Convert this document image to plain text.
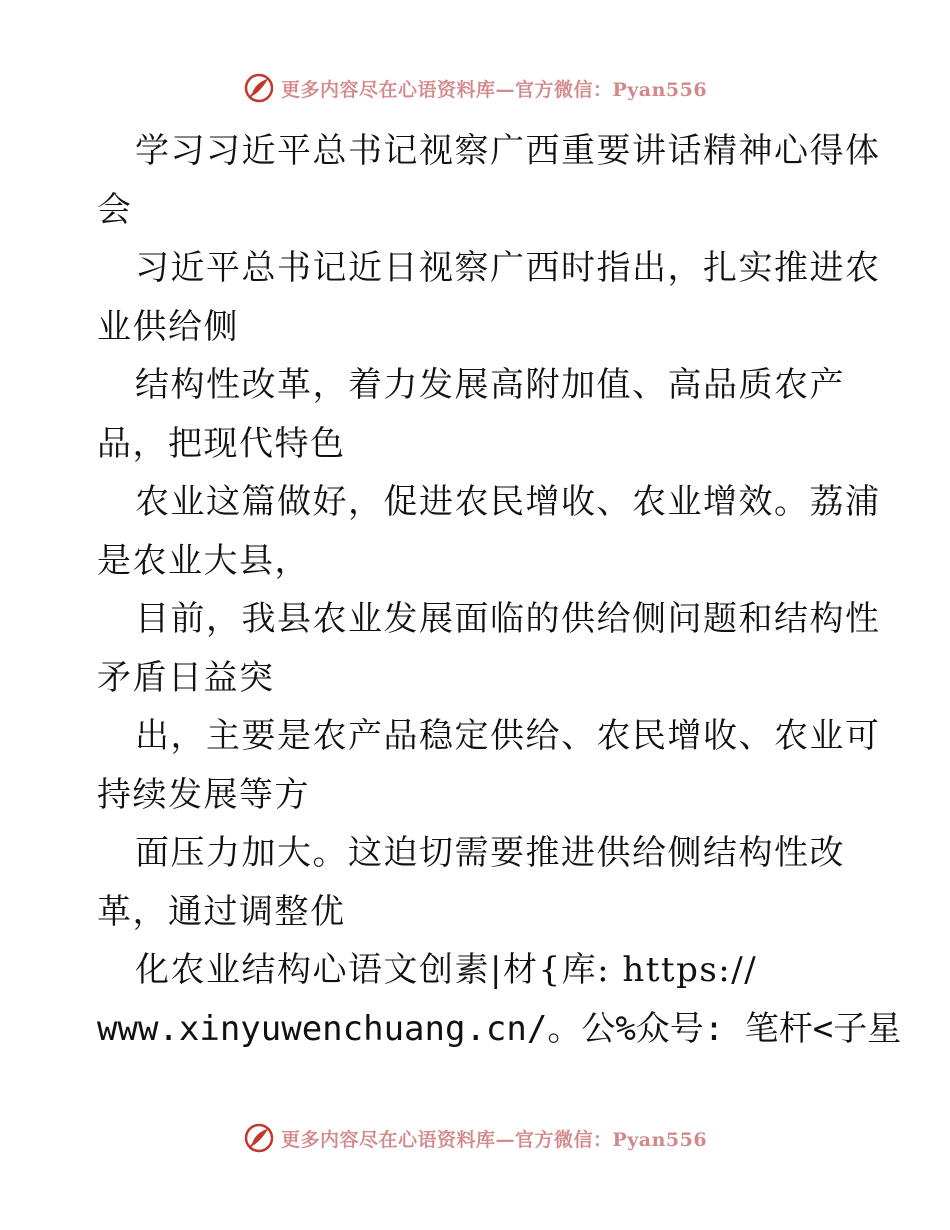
更多内容尽在心语资料库—官方微信：Pyan556
学习习近平总书记视察广西重要讲话精神心得体
会
习近平总书记近日视察广西时指出，扎实推进农
业供给侧
结构性改革，着力发展高附加值、高品质农产
品，把现代特色
农业这篇做好，促进农民增收、农业增效。荔浦
是农业大县，
目前，我县农业发展面临的供给侧问题和结构性
矛盾日益突
出，主要是农产品稳定供给、农民增收、农业可
持续发展等方
面压力加大。这迫切需要推进供给侧结构性改
革，通过调整优
化农业结构心语文创素|材{库: https://
www.xinyuwenchuang.cn/。公%众号: 笔杆<子星
更多内容尽在心语资料库—官方微信：Pyan556
